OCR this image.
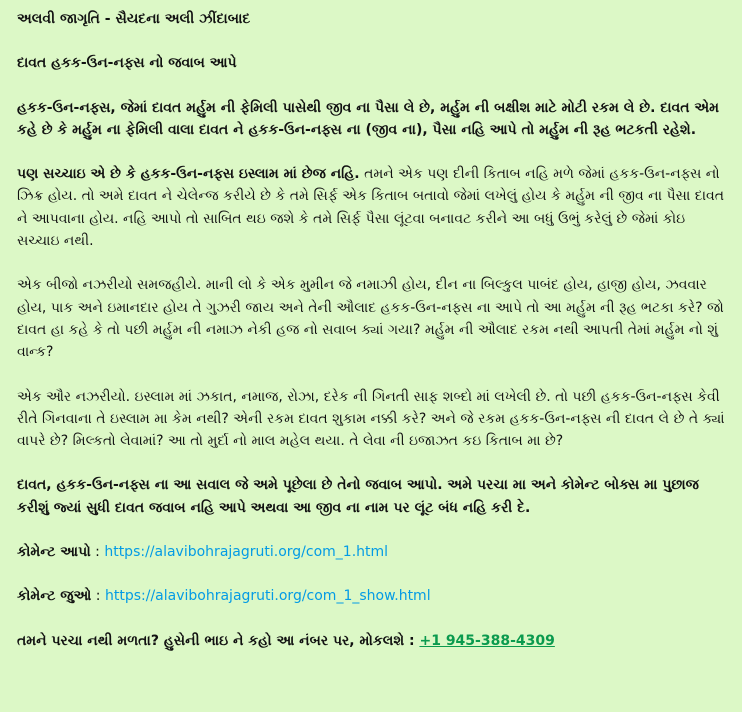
અલવી જાગૃતિ - સૈયદના અલી ઝીંદાબાદ

દાવત હકક-ઉન-નફ્સ નો જવાબ આપે

હકક-ઉન-નફ્સ, જેમાં દાવત મર્હુમ ની ફેમિલી પાસેથી જીવ ના પૈસા લે છે, મર્હુમ ની બક્ષીશ માટે મોટી રકમ લે છે. દાવત એમ કહે છે કે મર્હુમ ના ફેમિલી વાલા દાવત ને હકક-ઉન-નફ્સ ના (જીવ ના), પૈસા નહિ આપે તો મર્હુમ ની રૂહ ભટકતી રહેશે.

પણ સચ્ચાઇ એ છે કે હકક-ઉન-નફ્સ ઇસ્લામ માં છેજ નહિ. તમને એક પણ દીની કિતાબ નહિ મળે જેમાં હકક-ઉન-નફ્સ નો ઝિક્ર હોય. તો અમે દાવત ને ચેલેન્જ કરીયે છે કે તમે સિર્ફ એક કિતાબ બતાવો જેમાં લખેલું હોય કે મર્હુમ ની જીવ ના પૈસા દાવત ને આપવાના હોય. નહિ આપો તો સાબિત થઇ જશે કે તમે સિર્ફ પૈસા લૂંટવા બનાવટ કરીને આ બધું ઉભું કરેલું છે જેમાં કોઇ સચ્ચાઇ નથી.

એક બીજો નઝરીયો સમજહીયે. માની લો કે એક મુમીન જે નમાઝી હોય, દીન ના બિલ્કુલ પાબંદ હોય, હાજી હોય, ઝવવાર હોય, પાક અને ઇમાનદાર હોય તે ગુઝરી જાય અને તેની ઔલાદ હકક-ઉન-નફ્સ ના આપે તો આ મર્હુમ ની રૂહ ભટકા કરે? જો દાવત હા કહે કે તો પછી મર્હુમ ની નમાઝ નેકી હજ નો સવાબ ક્યાં ગયા? મર્હુમ ની ઔલાદ રકમ નથી આપતી તેમાં મર્હુમ નો શું વાન્ક?

એક ઔર નઝરીયો. ઇસ્લામ માં ઝકાત, નમાજ, રોઝા, દરેક ની ગિનતી સાફ શબ્દો માં લખેલી છે. તો પછી હકક-ઉન-નફ્સ કેવી રીતે ગિનવાના તે ઇસ્લામ મા કેમ નથી? એની રકમ દાવત શુકામ નક્કી કરે? અને જે રકમ હકક-ઉન-નફ્સ ની દાવત લે છે તે ક્યાં વાપરે છે? મિલ્કતો લેવામાં? આ તો મુર્દા નો માલ મહેલ થયા. તે લેવા ની ઇજાઝત કઇ કિતાબ મા છે?

દાવત, હકક-ઉન-નફ્સ ના આ સવાલ જે અમે પૂછેલા છે તેનો જવાબ આપો. અમે પરચા મા અને કોમેન્ટ બોક્સ મા પુછાજ કરીશું જ્યાં સુધી દાવત જવાબ નહિ આપે અથવા આ જીવ ના નામ પર લૂંટ બંધ નહિ કરી દે.

કોમેન્ટ આપો : https://alavibohrajagruti.org/com_1.html

કોમેન્ટ જુઓ : https://alavibohrajagruti.org/com_1_show.html

તમને પરચા નથી મળતા? હુસેની ભાઇ ને કહો આ નંબર પર, મોકલશે : +1 945-388-4309
